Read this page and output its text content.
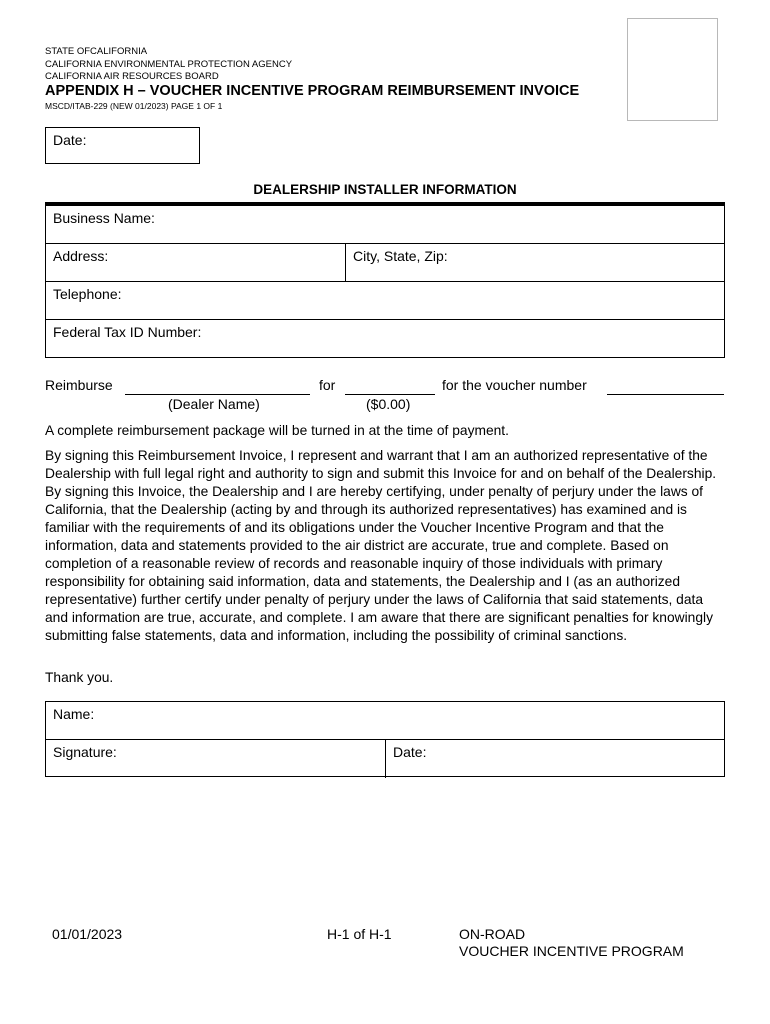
STATE OFCALIFORNIA
CALIFORNIA ENVIRONMENTAL PROTECTION AGENCY
CALIFORNIA AIR RESOURCES BOARD
APPENDIX H – VOUCHER INCENTIVE PROGRAM REIMBURSEMENT INVOICE
MSCD/ITAB-229 (NEW 01/2023) PAGE 1 OF 1
Date:
DEALERSHIP INSTALLER INFORMATION
Business Name:
Address:	City, State, Zip:
Telephone:
Federal Tax ID Number:
Reimburse	for	for the voucher number
(Dealer Name)	($0.00)
A complete reimbursement package will be turned in at the time of payment.
By signing this Reimbursement Invoice, I represent and warrant that I am an authorized representative of the Dealership with full legal right and authority to sign and submit this Invoice for and on behalf of the Dealership. By signing this Invoice, the Dealership and I are hereby certifying, under penalty of perjury under the laws of California, that the Dealership (acting by and through its authorized representatives) has examined and is familiar with the requirements of and its obligations under the Voucher Incentive Program and that the information, data and statements provided to the air district are accurate, true and complete. Based on completion of a reasonable review of records and reasonable inquiry of those individuals with primary responsibility for obtaining said information, data and statements, the Dealership and I (as an authorized representative) further certify under penalty of perjury under the laws of California that said statements, data and information are true, accurate, and complete. I am aware that there are significant penalties for knowingly submitting false statements, data and information, including the possibility of criminal sanctions.
Thank you.
Name:
Signature:	Date:
01/01/2023	H-1 of H-1	ON-ROAD
VOUCHER INCENTIVE PROGRAM
